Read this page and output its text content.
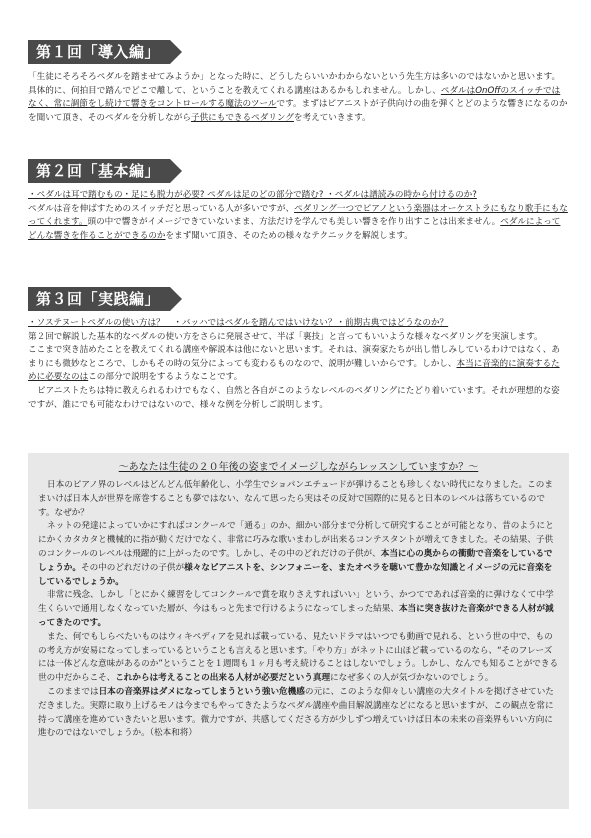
第１回「導入編」

「生徒にそろそろペダルを踏ませてみようか」となった時に、どうしたらいいかわからないという先生方は多いのではないかと思います。具体的に、何拍目で踏んでどこで離して、ということを教えてくれる講座はあるかもしれません。しかし、ペダルはOnOffのスイッチではなく、常に調節をし続けて響きをコントロールする魔法のツールです。まずはピアニストが子供向けの曲を弾くとどのような響きになるのかを聞いて頂き、そのペダルを分析しながら子供にもできるペダリングを考えていきます。

第２回「基本編」

・ペダルは耳で踏むもの・足にも脱力が必要? ペダルは足のどの部分で踏む? ・ペダルは譜読みの時から付けるのか?

ペダルは音を伸ばすためのスイッチだと思っている人が多いですが、ペダリング一つでピアノという楽器はオーケストラにもなり歌手にもなってくれます。頭の中で響きがイメージできていないまま、方法だけを学んでも美しい響きを作り出すことは出来ません。ペダルによってどんな響きを作ることができるのかをまず聞いて頂き、そのための様々なテクニックを解説します。

第３回「実践編」

・ソステヌートペダルの使い方は？　・バッハではペダルを踏んではいけない？・前期古典ではどうなのか？

第２回で解説した基本的なペダルの使い方をさらに発展させて、半ば「裏技」と言ってもいいような様々なペダリングを実演します。

ここまで突き詰めたことを教えてくれる講座や解説本は他にないと思います。それは、演奏家たちが出し惜しみしているわけではなく、あまりにも微妙なところで、しかもその時の気分によっても変わるものなので、説明が難しいからです。しかし、本当に音楽的に演奏するために必要なのはこの部分で説明をするようなことです。

ピアニストたちは特に教えられるわけでもなく、自然と各自がこのようなレベルのペダリングにたどり着いています。それが理想的な姿ですが、誰にでも可能なわけではないので、様々な例を分析しご説明します。

〜あなたは生徒の２０年後の姿までイメージしながらレッスンしていますか？〜

日本のピアノ界のレベルはどんどん低年齢化し、小学生でショパンエチュードが弾けることも珍しくない時代になりました。このままいけば日本人が世界を席巻することも夢ではない、なんて思ったら実はその反対で国際的に見ると日本のレベルは落ちているのです。なぜか？

ネットの発達によっていかにすればコンクールで「通る」のか、細かい部分まで分析して研究することが可能となり、昔のようにとにかくカタカタと機械的に指が動くだけでなく、非常に巧みな歌いまわしが出来るコンテスタントが増えてきました。その結果、子供のコンクールのレベルは飛躍的に上がったのです。しかし、その中のどれだけの子供が、本当に心の奥からの衝動で音楽をしているでしょうか。その中のどれだけの子供が様々なピアニストを、シンフォニーを、またオペラを聴いて豊かな知識とイメージの元に音楽をしているでしょうか。

非常に残念、しかし「とにかく練習をしてコンクールで賞を取りさえすればいい」という、かつてであれば音楽的に弾けなくて中学生くらいで通用しなくなっていた層が、今はもっと先まで行けるようになってしまった結果、本当に突き抜けた音楽ができる人材が減ってきたのです。

また、何でもしらべたいものはウィキペディアを見れば載っている、見たいドラマはいつでも動画で見れる、という世の中で、ものの考え方が安易になってしまっているということも言えると思います。「やり方」がネットに山ほど載っているのなら、“そのフレーズには一体どんな意味があるのか”ということを１週間も１ヶ月も考え続けることはしないでしょう。しかし、なんでも知ることができる世の中だからこそ、これからは考えることの出来る人材が必要だという真理になぜ多くの人が気づかないのでしょう。

このままでは日本の音楽界はダメになってしまうという強い危機感の元に、このような仰々しい講座の大タイトルを掲げさせていただきました。実際に取り上げるモノは今までもやってきたようなペダル講座や曲目解説講座などになると思いますが、この観点を常に持って講座を進めていきたいと思います。微力ですが、共感してくださる方が少しずつ増えていけば日本の未来の音楽界もいい方向に進むのではないでしょうか。（松本和将）
